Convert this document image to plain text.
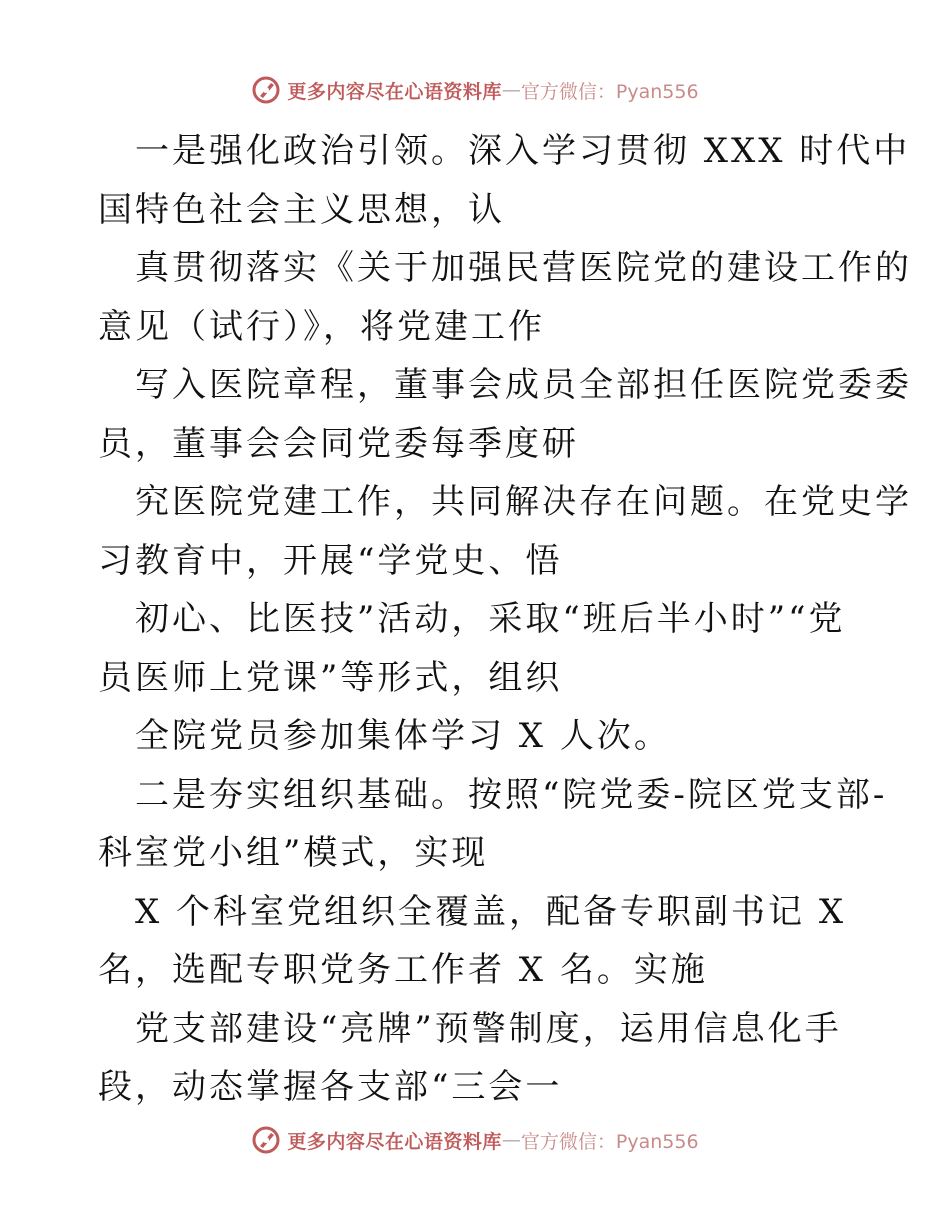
更多内容尽在心语资料库 — 官方微信：Pyan556
一是强化政治引领。深入学习贯彻 XXX 时代中
国特色社会主义思想，认
真贯彻落实《关于加强民营医院党的建设工作的
意见（试行）》，将党建工作
写入医院章程，董事会成员全部担任医院党委委
员，董事会会同党委每季度研
究医院党建工作，共同解决存在问题。在党史学
习教育中，开展“学党史、悟
初心、比医技”活动，采取“班后半小时”“党
员医师上党课”等形式，组织
全院党员参加集体学习 X 人次。
二是夯实组织基础。按照“院党委-院区党支部-
科室党小组”模式，实现
X 个科室党组织全覆盖，配备专职副书记 X
名，选配专职党务工作者 X 名。实施
党支部建设“亮牌”预警制度，运用信息化手
段，动态掌握各支部“三会一
更多内容尽在心语资料库 — 官方微信：Pyan556
